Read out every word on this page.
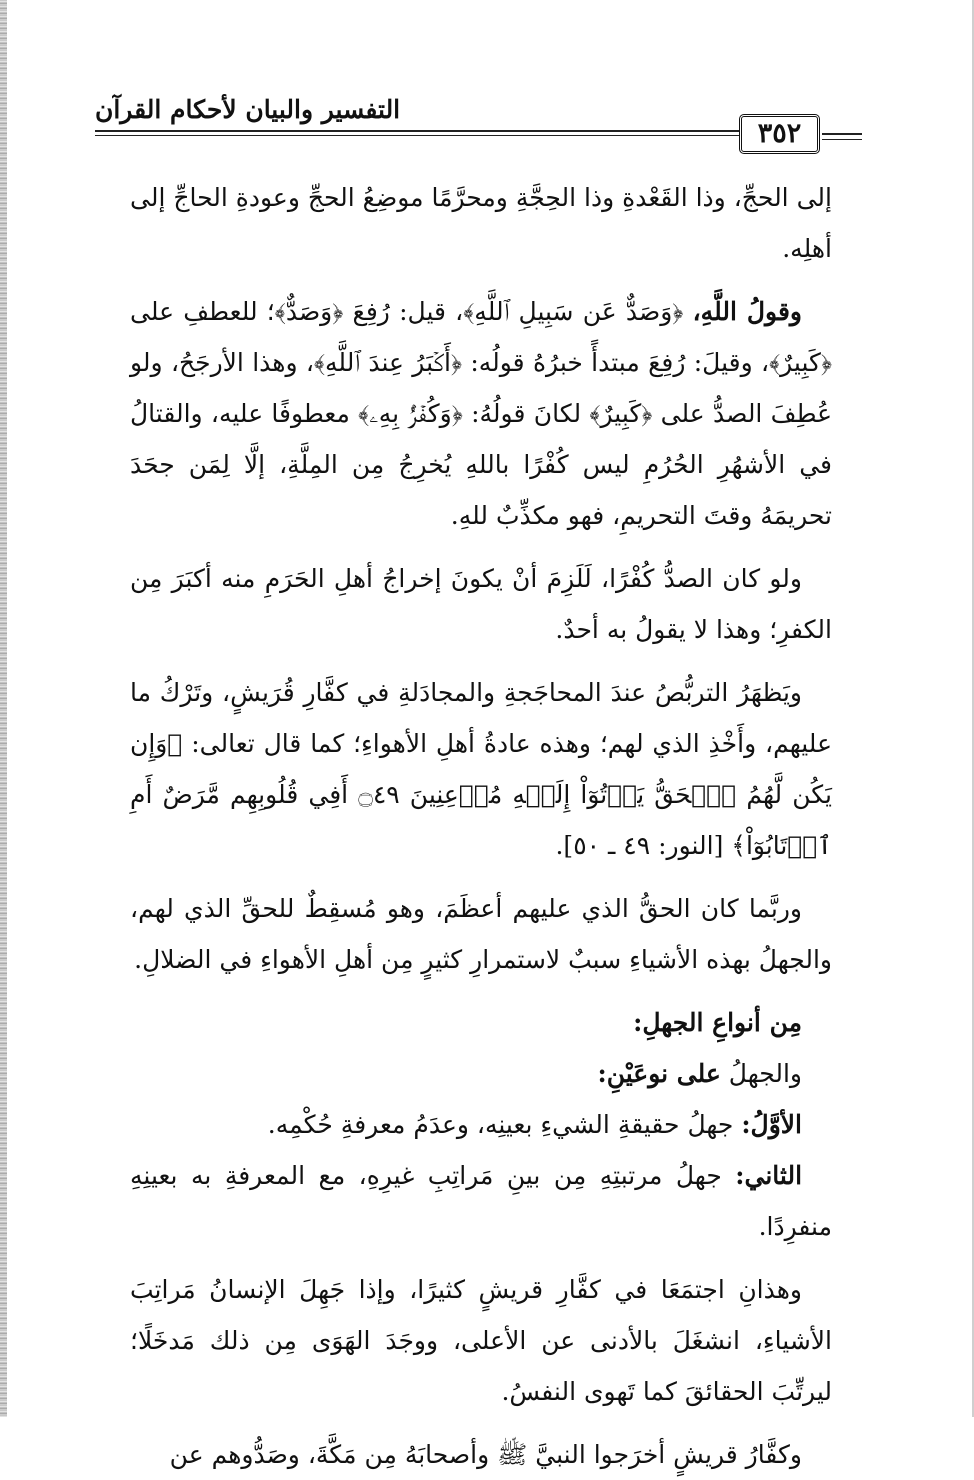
التفسير والبيان لأحكام القرآن
٣٥٢

إلى الحجِّ، وذا القَعْدةِ وذا الحِجَّةِ ومحرَّمًا موضِعُ الحجِّ وعودةِ الحاجِّ إلى أهلِه.

وقولُ اللَّهِ، ﴿وَصَدٌّ عَن سَبِيلِ ٱللَّهِ﴾، قيل: رُفِعَ ﴿وَصَدٌّ﴾؛ للعطفِ على ﴿كَبِيرٌ﴾، وقيلَ: رُفِعَ مبتدأً خبرُهُ قولُه: ﴿أَكۡبَرُ عِندَ ٱللَّهِ﴾، وهذا الأرجَحُ، ولو عُطِفَ الصدُّ على ﴿كَبِيرٌ﴾ لكانَ قولُهُ: ﴿وَكُفۡرُۢ بِهِۦ﴾ معطوفًا عليه، والقتالُ في الأشهُرِ الحُرُمِ ليس كُفْرًا باللهِ يُخرِجُ مِن المِلَّةِ، إلَّا لِمَن جحَدَ تحريمَهُ وقتَ التحريمِ، فهو مكذِّبٌ للهِ.

ولو كان الصدُّ كُفْرًا، لَلَزِمَ أنْ يكونَ إخراجُ أهلِ الحَرَمِ منه أكبَرَ مِن الكفرِ؛ وهذا لا يقولُ به أحدٌ.

ويَظهَرُ التربُّصُ عندَ المحاجَجةِ والمجادَلةِ في كفَّارِ قُرَيشٍ، وتَرْكُ ما عليهم، وأَخْذِ الذي لهم؛ وهذه عادةُ أهلِ الأهواءِ؛ كما قال تعالى: ﴿وَإِن يَكُن لَّهُمُ ٱلۡحَقُّ يَأۡتُوٓاْ إِلَيۡهِ مُذۡعِنِينَ ۝٤٩ أَفِي قُلُوبِهِم مَّرَضٌ أَمِ ٱرۡتَابُوٓاْ﴾ [النور: ٤٩ ـ ٥٠].

وربَّما كان الحقُّ الذي عليهم أعظَمَ، وهو مُسقِطٌ للحقِّ الذي لهم، والجهلُ بهذه الأشياءِ سببٌ لاستمرارِ كثيرٍ مِن أهلِ الأهواءِ في الضلالِ.

مِن أنواعِ الجهلِ:

والجهلُ على نوعَيْنِ:

الأوَّلُ: جهلُ حقيقةِ الشيءِ بعينِه، وعدَمُ معرفةِ حُكْمِه.

الثاني: جهلُ مرتبتِهِ مِن بينِ مَراتِبِ غيرِهِ، مع المعرفةِ به بعينِهِ منفرِدًا.

وهذانِ اجتمَعَا في كفَّارِ قريشٍ كثيرًا، وإذا جَهِلَ الإنسانُ مَراتِبَ الأشياءِ، انشغَلَ بالأدنى عن الأعلى، ووجَدَ الهَوَى مِن ذلك مَدخَلًا؛ ليرتِّبَ الحقائقَ كما تَهوى النفسُ.

وكفَّارُ قريشٍ أخرَجوا النبيَّ ﷺ وأصحابَهُ مِن مَكَّةَ، وصَدُّوهم عن
